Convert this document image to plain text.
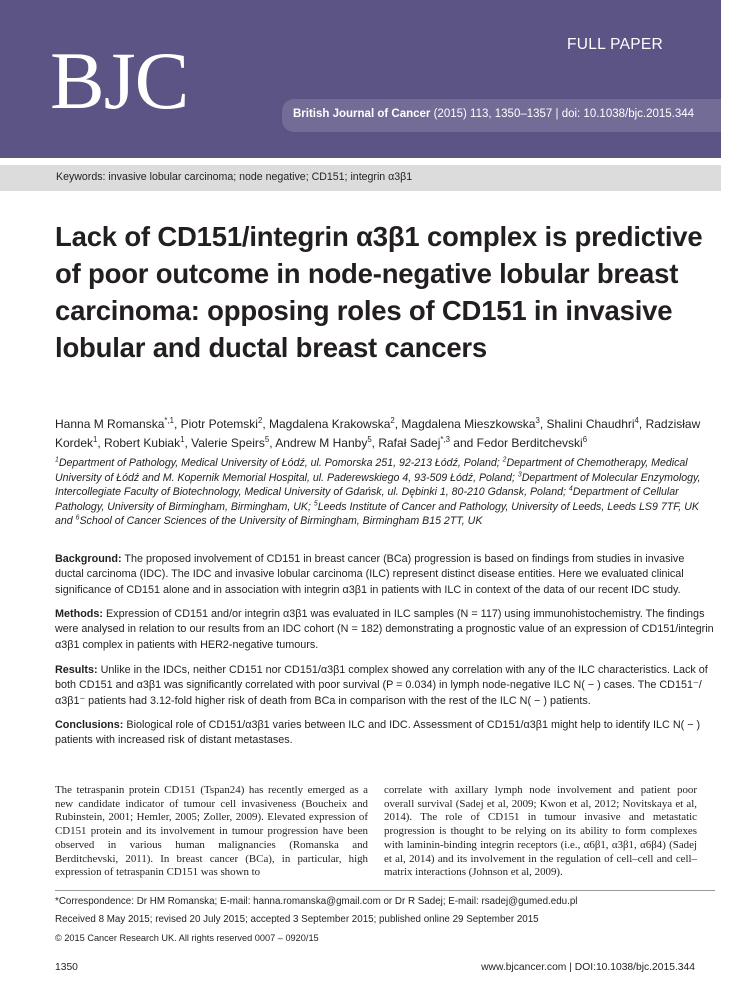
BJC	FULL PAPER
British Journal of Cancer (2015) 113, 1350–1357 | doi: 10.1038/bjc.2015.344
Keywords: invasive lobular carcinoma; node negative; CD151; integrin α3β1
Lack of CD151/integrin α3β1 complex is predictive of poor outcome in node-negative lobular breast carcinoma: opposing roles of CD151 in invasive lobular and ductal breast cancers
Hanna M Romanska$^{*,1}$, Piotr Potemski$^2$, Magdalena Krakowska$^2$, Magdalena Mieszkowska$^3$, Shalini Chaudhri$^4$, Radzisław Kordek$^1$, Robert Kubiak$^1$, Valerie Speirs$^5$, Andrew M Hanby$^5$, Rafał Sadej$^{*,3}$ and Fedor Berditchevski$^6$
$^1$Department of Pathology, Medical University of Łódź, ul. Pomorska 251, 92-213 Łódź, Poland; $^2$Department of Chemotherapy, Medical University of Łódź and M. Kopernik Memorial Hospital, ul. Paderewskiego 4, 93-509 Łódź, Poland; $^3$Department of Molecular Enzymology, Intercollegiate Faculty of Biotechnology, Medical University of Gdańsk, ul. Dębinki 1, 80-210 Gdansk, Poland; $^4$Department of Cellular Pathology, University of Birmingham, Birmingham, UK; $^5$Leeds Institute of Cancer and Pathology, University of Leeds, Leeds LS9 7TF, UK and $^6$School of Cancer Sciences of the University of Birmingham, Birmingham B15 2TT, UK
Background: The proposed involvement of CD151 in breast cancer (BCa) progression is based on findings from studies in invasive ductal carcinoma (IDC). The IDC and invasive lobular carcinoma (ILC) represent distinct disease entities. Here we evaluated clinical significance of CD151 alone and in association with integrin α3β1 in patients with ILC in context of the data of our recent IDC study.
Methods: Expression of CD151 and/or integrin α3β1 was evaluated in ILC samples (N = 117) using immunohistochemistry. The findings were analysed in relation to our results from an IDC cohort (N = 182) demonstrating a prognostic value of an expression of CD151/integrin α3β1 complex in patients with HER2-negative tumours.
Results: Unlike in the IDCs, neither CD151 nor CD151/α3β1 complex showed any correlation with any of the ILC characteristics. Lack of both CD151 and α3β1 was significantly correlated with poor survival (P = 0.034) in lymph node-negative ILC N( − ) cases. The CD151⁻/α3β1⁻ patients had 3.12-fold higher risk of death from BCa in comparison with the rest of the ILC N( − ) patients.
Conclusions: Biological role of CD151/α3β1 varies between ILC and IDC. Assessment of CD151/α3β1 might help to identify ILC N( − ) patients with increased risk of distant metastases.
The tetraspanin protein CD151 (Tspan24) has recently emerged as a new candidate indicator of tumour cell invasiveness (Boucheix and Rubinstein, 2001; Hemler, 2005; Zoller, 2009). Elevated expression of CD151 protein and its involvement in tumour progression have been observed in various human malignancies (Romanska and Berditchevski, 2011). In breast cancer (BCa), in particular, high expression of tetraspanin CD151 was shown to
correlate with axillary lymph node involvement and patient poor overall survival (Sadej et al, 2009; Kwon et al, 2012; Novitskaya et al, 2014). The role of CD151 in tumour invasive and metastatic progression is thought to be relying on its ability to form complexes with laminin-binding integrin receptors (i.e., α6β1, α3β1, α6β4) (Sadej et al, 2014) and its involvement in the regulation of cell–cell and cell–matrix interactions (Johnson et al, 2009).
*Correspondence: Dr HM Romanska; E-mail: hanna.romanska@gmail.com or Dr R Sadej; E-mail: rsadej@gumed.edu.pl
Received 8 May 2015; revised 20 July 2015; accepted 3 September 2015; published online 29 September 2015
© 2015 Cancer Research UK. All rights reserved 0007 – 0920/15
1350	www.bjcancer.com | DOI:10.1038/bjc.2015.344
